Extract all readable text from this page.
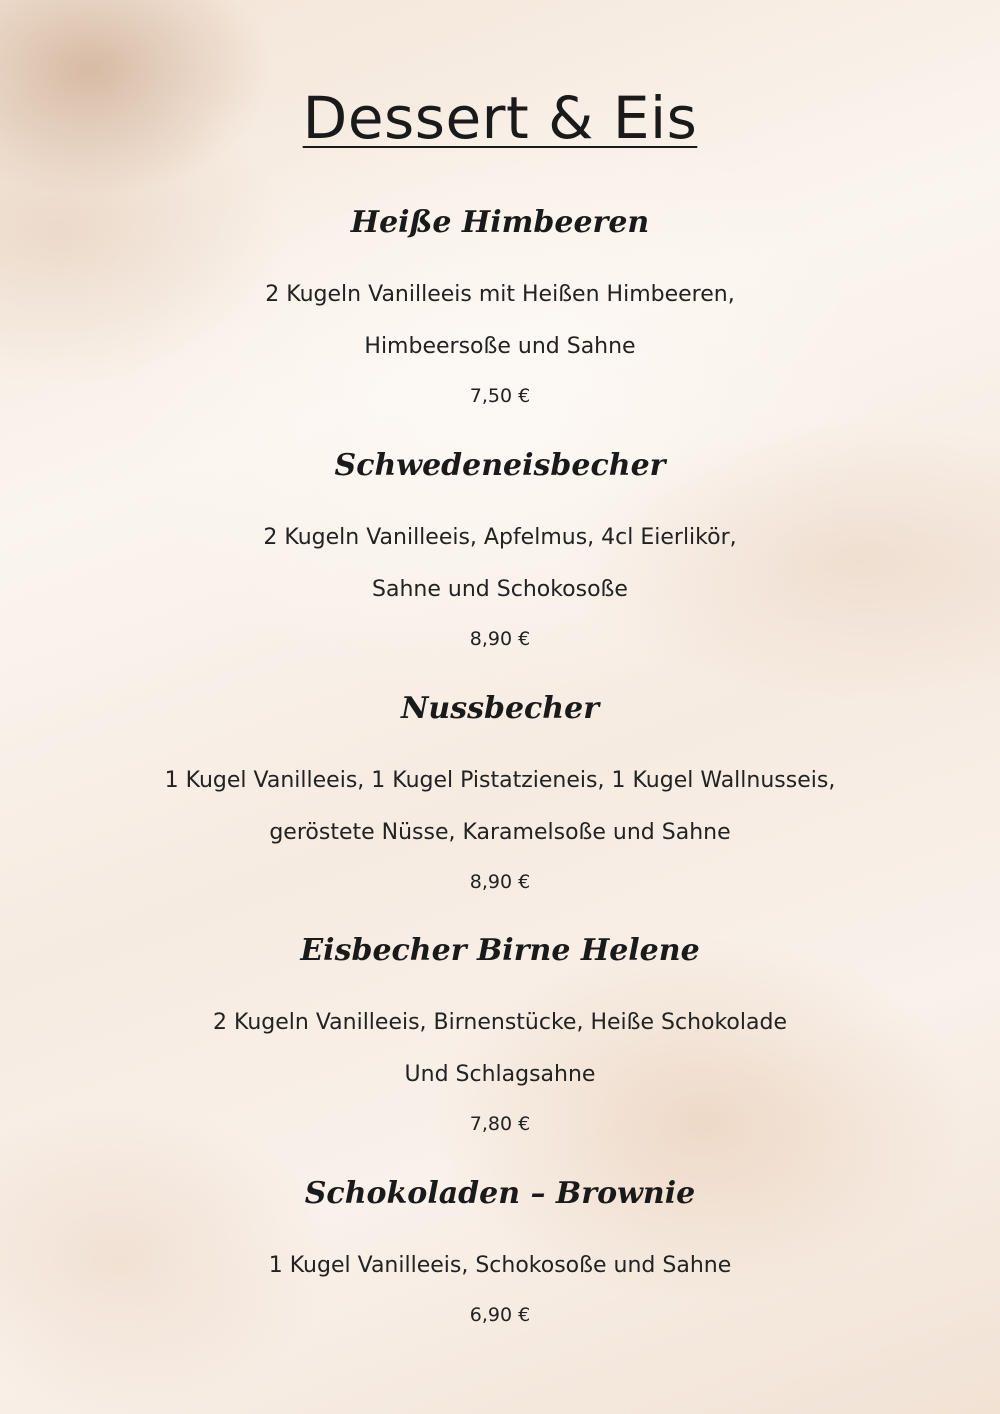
Dessert & Eis
Heiße Himbeeren
2 Kugeln Vanilleeis mit Heißen Himbeeren,
Himbeersoße und Sahne
7,50 €
Schwedeneisbecher
2 Kugeln Vanilleeis, Apfelmus, 4cl Eierlikör,
Sahne und Schokosoße
8,90 €
Nussbecher
1 Kugel Vanilleeis, 1 Kugel Pistatzieneis, 1 Kugel Wallnusseis,
geröstete Nüsse, Karamelsoße und Sahne
8,90 €
Eisbecher Birne Helene
2 Kugeln Vanilleeis, Birnenstücke, Heiße Schokolade
Und Schlagsahne
7,80 €
Schokoladen – Brownie
1 Kugel Vanilleeis, Schokosoße und Sahne
6,90 €
